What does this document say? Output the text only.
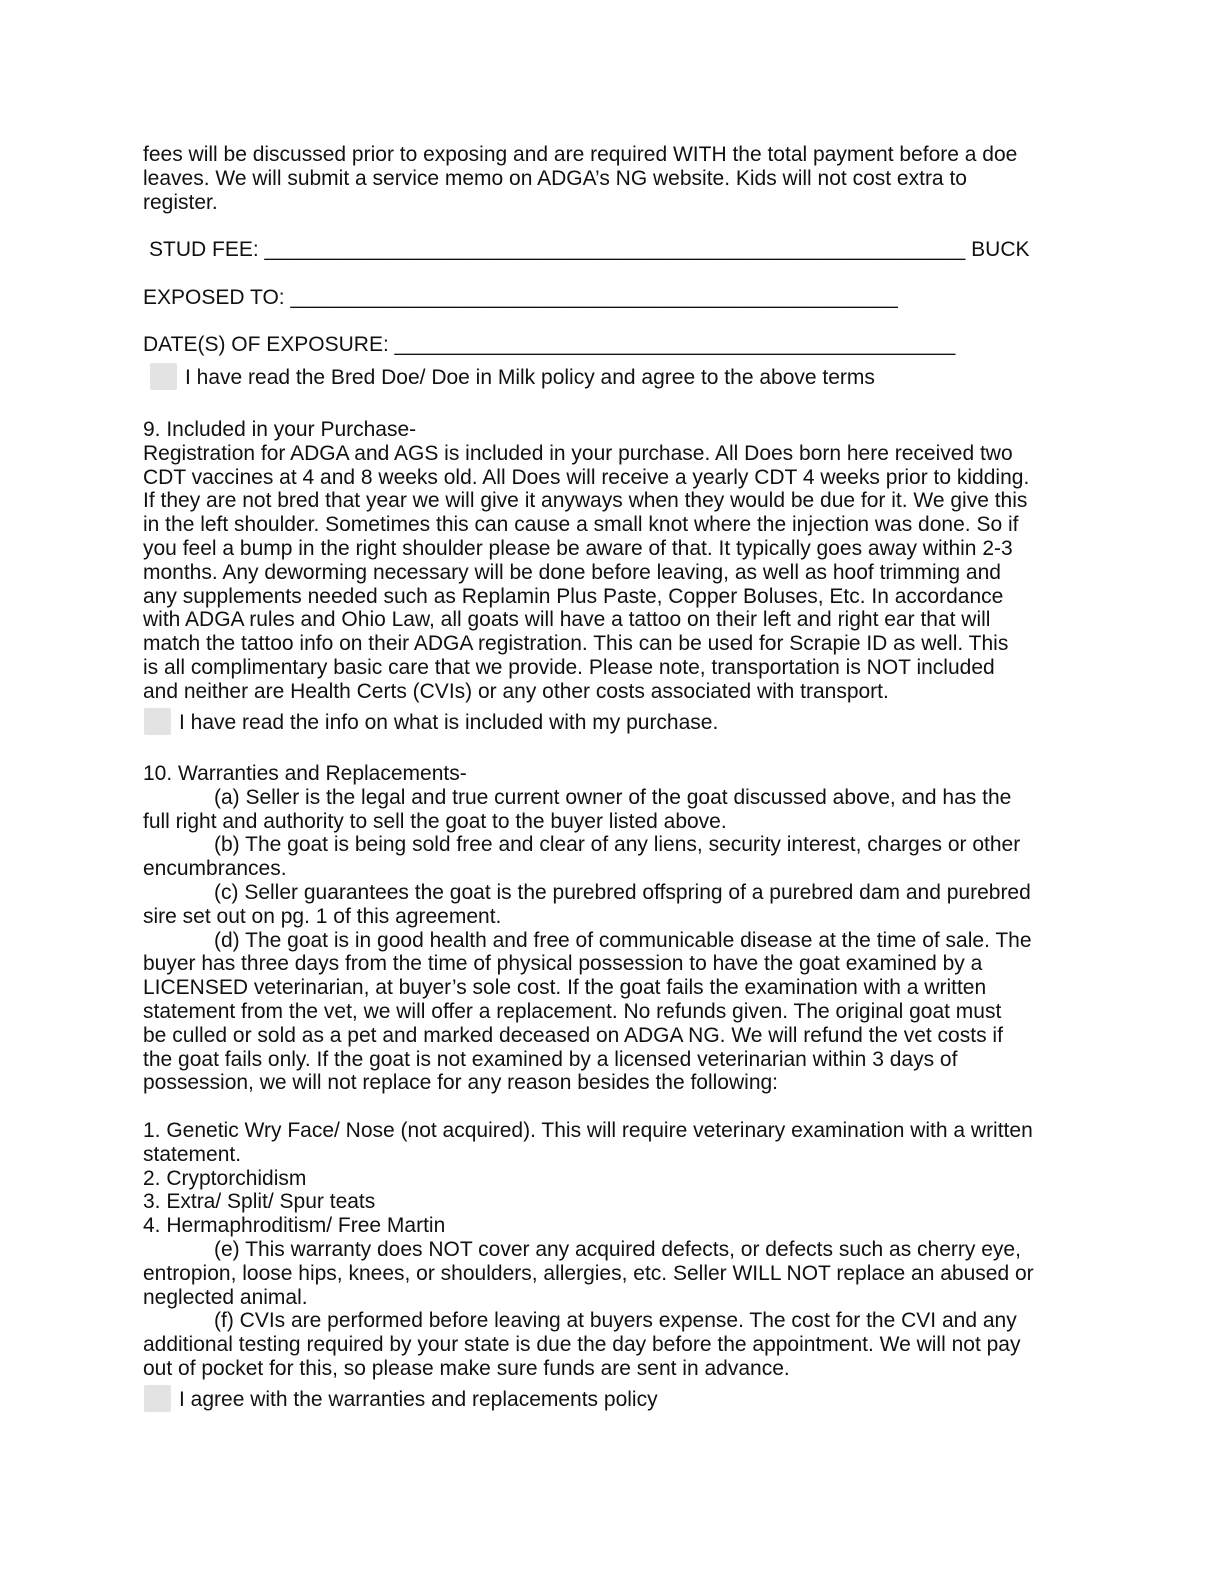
fees will be discussed prior to exposing and are required WITH the total payment before a doe
leaves. We will submit a service memo on ADGA’s NG website. Kids will not cost extra to
register.
STUD FEE: ____________________________________________________________ BUCK
EXPOSED TO: ____________________________________________________
DATE(S) OF EXPOSURE: ________________________________________________
I have read the Bred Doe/ Doe in Milk policy and agree to the above terms
9. Included in your Purchase-
Registration for ADGA and AGS is included in your purchase. All Does born here received two
CDT vaccines at 4 and 8 weeks old. All Does will receive a yearly CDT 4 weeks prior to kidding.
If they are not bred that year we will give it anyways when they would be due for it. We give this
in the left shoulder. Sometimes this can cause a small knot where the injection was done. So if
you feel a bump in the right shoulder please be aware of that. It typically goes away within 2-3
months. Any deworming necessary will be done before leaving, as well as hoof trimming and
any supplements needed such as Replamin Plus Paste, Copper Boluses, Etc. In accordance
with ADGA rules and Ohio Law, all goats will have a tattoo on their left and right ear that will
match the tattoo info on their ADGA registration. This can be used for Scrapie ID as well. This
is all complimentary basic care that we provide. Please note, transportation is NOT included
and neither are Health Certs (CVIs) or any other costs associated with transport.
I have read the info on what is included with my purchase.
10. Warranties and Replacements-
(a) Seller is the legal and true current owner of the goat discussed above, and has the
full right and authority to sell the goat to the buyer listed above.
(b) The goat is being sold free and clear of any liens, security interest, charges or other
encumbrances.
(c) Seller guarantees the goat is the purebred offspring of a purebred dam and purebred
sire set out on pg. 1 of this agreement.
(d) The goat is in good health and free of communicable disease at the time of sale. The
buyer has three days from the time of physical possession to have the goat examined by a
LICENSED veterinarian, at buyer’s sole cost. If the goat fails the examination with a written
statement from the vet, we will offer a replacement. No refunds given. The original goat must
be culled or sold as a pet and marked deceased on ADGA NG. We will refund the vet costs if
the goat fails only. If the goat is not examined by a licensed veterinarian within 3 days of
possession, we will not replace for any reason besides the following:
1. Genetic Wry Face/ Nose (not acquired). This will require veterinary examination with a written
statement.
2. Cryptorchidism
3. Extra/ Split/ Spur teats
4. Hermaphroditism/ Free Martin
(e) This warranty does NOT cover any acquired defects, or defects such as cherry eye,
entropion, loose hips, knees, or shoulders, allergies, etc. Seller WILL NOT replace an abused or
neglected animal.
(f) CVIs are performed before leaving at buyers expense. The cost for the CVI and any
additional testing required by your state is due the day before the appointment. We will not pay
out of pocket for this, so please make sure funds are sent in advance.
I agree with the warranties and replacements policy
